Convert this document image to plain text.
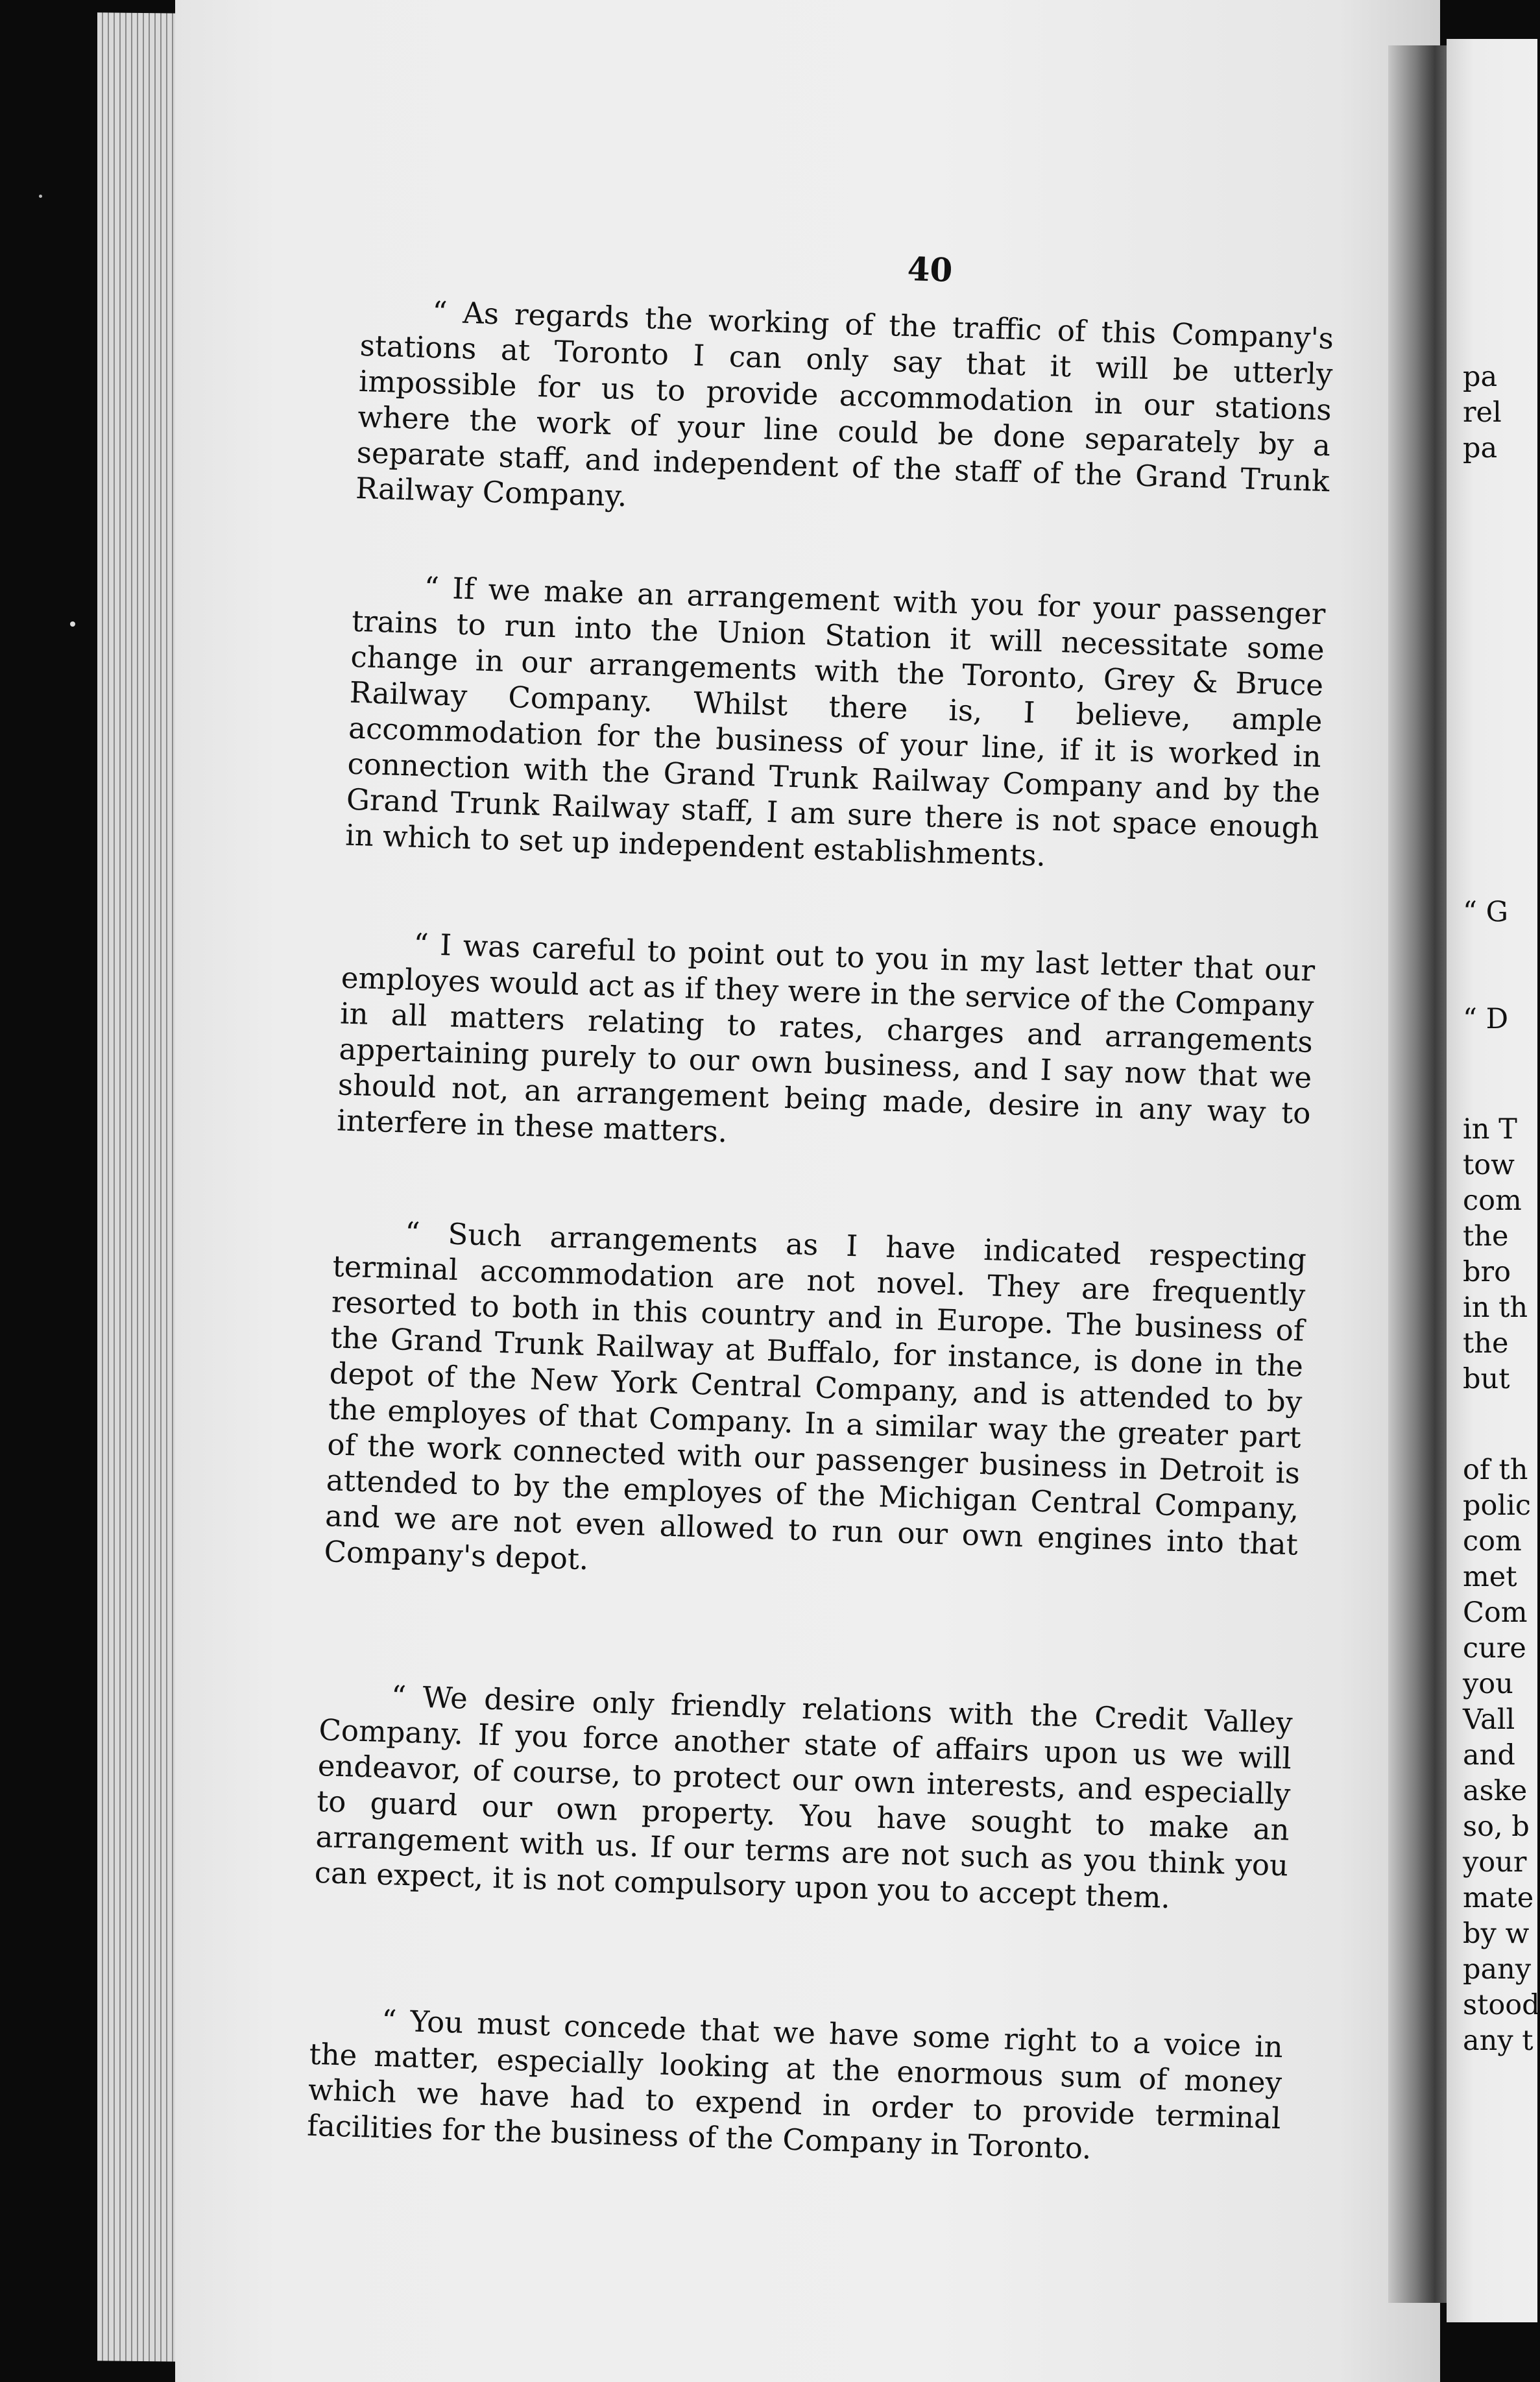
pa

rel

pa

“ G

“ D

in T

tow

com

the

bro

in th

the

but

of th

polic

com

met

Com

cure

you

Vall

and

aske

so, b

your

mate

by w

pany

stood

any t

40

“ As regards the working of the traffic of this Company's stations at Toronto I can only say that it will be utterly impossible for us to provide accommodation in our stations where the work of your line could be done separately by a separate staff, and independent of the staff of the Grand Trunk Railway Company.

“ If we make an arrangement with you for your passenger trains to run into the Union Station it will necessitate some change in our arrangements with the Toronto, Grey & Bruce Railway Company. Whilst there is, I believe, ample accommodation for the business of your line, if it is worked in connection with the Grand Trunk Railway Company and by the Grand Trunk Railway staff, I am sure there is not space enough in which to set up independent establishments.

“ I was careful to point out to you in my last letter that our employes would act as if they were in the service of the Company in all matters relating to rates, charges and arrangements appertaining purely to our own business, and I say now that we should not, an arrangement being made, desire in any way to interfere in these matters.

“ Such arrangements as I have indicated respecting terminal accommodation are not novel. They are frequently resorted to both in this country and in Europe. The business of the Grand Trunk Railway at Buffalo, for instance, is done in the depot of the New York Central Company, and is attended to by the employes of that Company. In a similar way the greater part of the work connected with our passenger business in Detroit is attended to by the employes of the Michigan Central Company, and we are not even allowed to run our own engines into that Company's depot.

“ We desire only friendly relations with the Credit Valley Company. If you force another state of affairs upon us we will endeavor, of course, to protect our own interests, and especially to guard our own property. You have sought to make an arrangement with us. If our terms are not such as you think you can expect, it is not compulsory upon you to accept them.

“ You must concede that we have some right to a voice in the matter, especially looking at the enormous sum of money which we have had to expend in order to provide terminal facilities for the business of the Company in Toronto.
